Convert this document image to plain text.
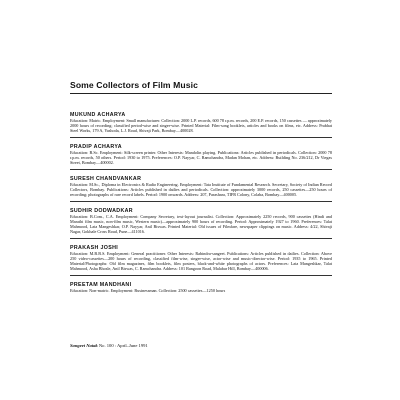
Some Collectors of Film Music
MUKUND ACHARYA
Education: Matric. Employment: Small manufacturer. Collection: 2000 L.P. records, 600 78 r.p.m. records, 200 E.P. records, 150 cassettes — approximately 2000 hours of recording; classified period-wise and singer-wise. Printed Material: Film-song booklets, articles and books on films, etc. Address: Prabhat Steel Works, 179 A, Yashoda, L.J. Road, Shivaji Park, Bombay—400028.
PRADIP ACHARYA
Education: B.Sc. Employment: Silk-screen printer. Other Interests: Mandolin playing. Publications: Articles published in periodicals. Collection: 2000 78 r.p.m. records, 50 others. Period: 1930 to 1975. Preferences: O.P. Nayyar, C. Ramchandra, Madan Mohan, etc. Address: Building No. 236/212, Dr Viegas Street, Bombay—400002.
SURESH CHANDVANKAR
Education: M.Sc., Diploma in Electronics & Radio Engineering. Employment: Tata Institute of Fundamental Research. Secretary, Society of Indian Record Collectors, Bombay. Publications: Articles published in dailies and periodicals. Collection: approximately 3000 records, 250 cassettes—250 hours of recording; photographs of rare record labels. Period: 1900 onwards. Address: 207, Parashara, TIFR Colony, Colaba, Bombay—400005.
SUDHIR DODWADKAR
Education: B.Com., C.A. Employment: Company Secretary, text-layout journalist. Collection: Approximately 2250 records, 900 cassettes (Hindi and Marathi film music, non-film music, Western music)—approximately 900 hours of recording. Period: Approximately 1927 to 1960. Preferences: Talat Mahmood, Lata Mangeshkar, O.P. Nayyar, Anil Biswas. Printed Material: Old issues of Filmfare, newspaper clippings on music. Address: 4/22, Shivaji Nagar, Gokhale Cross Road, Pune—411016.
PRAKASH JOSHI
Education: M.B.B.S. Employment: General practitioner. Other Interests: Rabindra-sangeet. Publications: Articles published in dailies. Collection: Above 250 video-cassettes—200 hours of recording, classified film-wise, singer-wise, actor-wise and music-director-wise. Period: 1935 to 1965. Printed Material/Photographs: Old film magazines, film booklets, film posters, black-and-white photographs of actors. Preferences: Lata Mangeshkar, Talat Mahmood, Asha Bhosle, Anil Biswas, C. Ramchandra. Address: 101 Rangoon Road, Malabar Hill, Bombay—400006.
PREETAM MANDHANI
Education: Non-matric. Employment: Businessman. Collection: 2500 cassettes—1250 hours
Sangeet Natak No. 100 : April–June 1991
